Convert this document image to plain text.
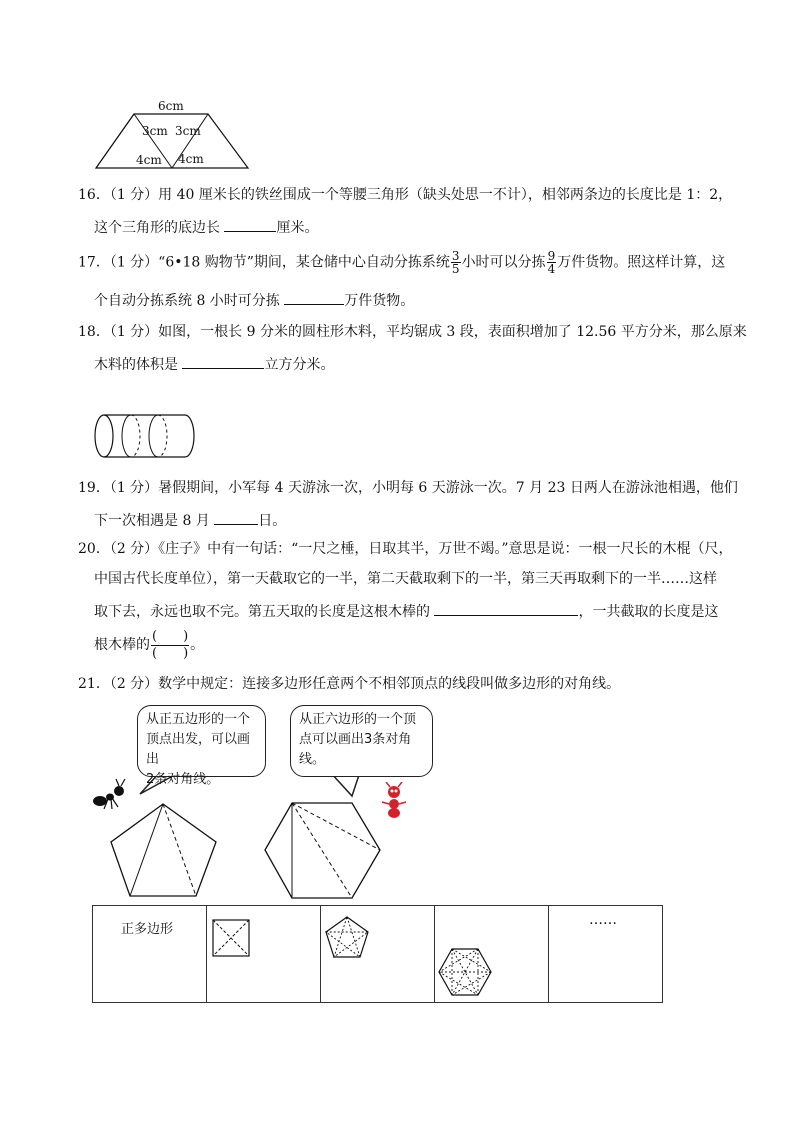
6cm
3cm 3cm
4cm 4cm
16．（1 分）用 40 厘米长的铁丝围成一个等腰三角形（缺头处思一不计），相邻两条边的长度比是 1：2，
这个三角形的底边长	厘米。
17．（1 分）“6•18 购物节”期间，某仓储中心自动分拣系统 $\frac{3}{5}$ 小时可以分拣 $\frac{9}{4}$ 万件货物。照这样计算，这
个自动分拣系统 8 小时可分拣	万件货物。
18．（1 分）如图，一根长 9 分米的圆柱形木料，平均锯成 3 段，表面积增加了 12.56 平方分米，那么原来
木料的体积是	立方分米。
19．（1 分）暑假期间，小军每 4 天游泳一次，小明每 6 天游泳一次。7 月 23 日两人在游泳池相遇，他们
下一次相遇是 8 月	日。
20．（2 分）《庄子》中有一句话：“一尺之棰，日取其半，万世不竭。”意思是说：一根一尺长的木棍（尺，
中国古代长度单位），第一天截取它的一半，第二天截取剩下的一半，第三天再取剩下的一半……这样
取下去，永远也取不完。第五天取的长度是这根木棒的	，一共截取的长度是这
根木棒的 $\frac{( )}{( )}$ 。
21．（2 分）数学中规定：连接多边形任意两个不相邻顶点的线段叫做多边形的对角线。
从正五边形的一个
顶点出发，可以画出
2条对角线。
从正六边形的一个顶
点可以画出3条对角
线。
正多边形

……
